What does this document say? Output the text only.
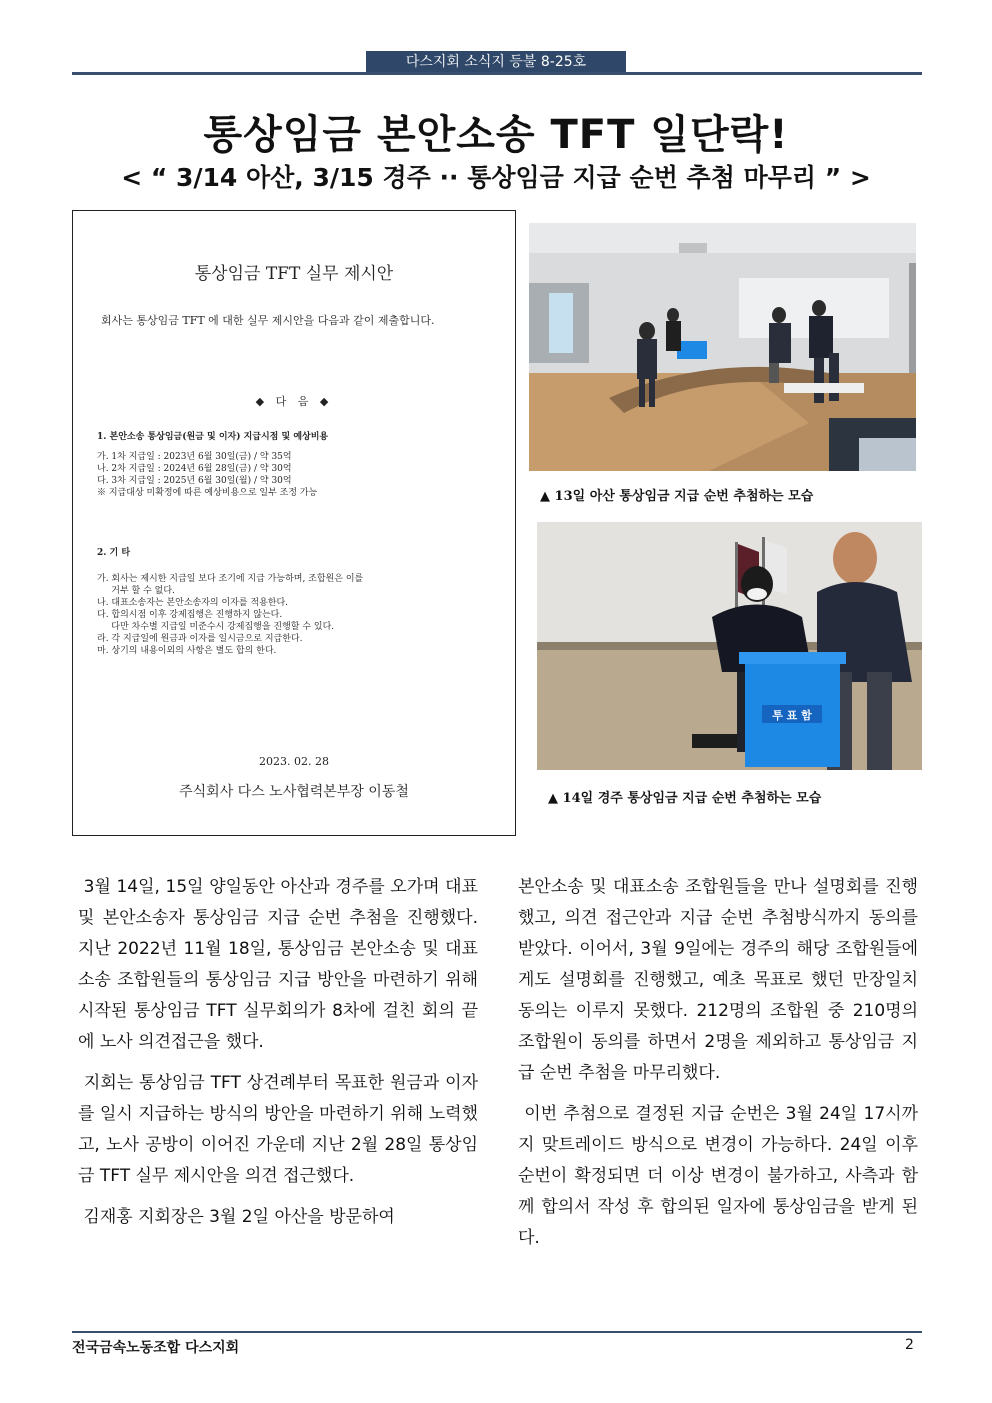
다스지회 소식지 등불 8-25호
통상임금 본안소송 TFT 일단락!
< “ 3/14 아산, 3/15 경주 ·· 통상임금 지급 순번 추첨 마무리 ” >
통상임금 TFT 실무 제시안
회사는 통상임금 TFT 에 대한 실무 제시안을 다음과 같이 제출합니다.
◆ 다 음 ◆
1. 본안소송 통상임금(원금 및 이자) 지급시점 및 예상비용
가. 1차 지급일 : 2023년 6월 30일(금) / 약 35억
나. 2차 지급일 : 2024년 6월 28일(금) / 약 30억
다. 3차 지급일 : 2025년 6월 30일(월) / 약 30억
※ 지급대상 미확정에 따른 예상비용으로 일부 조정 가능
2. 기 타
가. 회사는 제시한 지급일 보다 조기에 지급 가능하며, 조합원은 이를
거부 할 수 없다.
나. 대표소송자는 본안소송자의 이자를 적용한다.
다. 합의시점 이후 강제집행은 진행하지 않는다.
다만 차수별 지급일 미준수시 강제집행을 진행할 수 있다.
라. 각 지급일에 원금과 이자를 일시금으로 지급한다.
마. 상기의 내용이외의 사항은 별도 합의 한다.
2023. 02. 28
주식회사 다스 노사협력본부장 이동철
▲ 13일 아산 통상임금 지급 순번 추첨하는 모습
투 표 함
▲ 14일 경주 통상임금 지급 순번 추첨하는 모습

3월 14일, 15일 양일동안 아산과 경주를 오가며 대표 및 본안소송자 통상임금 지급 순번 추첨을 진행했다. 지난 2022년 11월 18일, 통상임금 본안소송 및 대표소송 조합원들의 통상임금 지급 방안을 마련하기 위해 시작된 통상임금 TFT 실무회의가 8차에 걸친 회의 끝에 노사 의견접근을 했다.

지회는 통상임금 TFT 상견례부터 목표한 원금과 이자를 일시 지급하는 방식의 방안을 마련하기 위해 노력했고, 노사 공방이 이어진 가운데 지난 2월 28일 통상임금 TFT 실무 제시안을 의견 접근했다.

김재홍 지회장은 3월 2일 아산을 방문하여

본안소송 및 대표소송 조합원들을 만나 설명회를 진행했고, 의견 접근안과 지급 순번 추첨방식까지 동의를 받았다. 이어서, 3월 9일에는 경주의 해당 조합원들에게도 설명회를 진행했고, 예초 목표로 했던 만장일치 동의는 이루지 못했다. 212명의 조합원 중 210명의 조합원이 동의를 하면서 2명을 제외하고 통상임금 지급 순번 추첨을 마무리했다.

이번 추첨으로 결정된 지급 순번은 3월 24일 17시까지 맞트레이드 방식으로 변경이 가능하다. 24일 이후 순번이 확정되면 더 이상 변경이 불가하고, 사측과 함께 합의서 작성 후 합의된 일자에 통상임금을 받게 된다.

전국금속노동조합 다스지회	2
